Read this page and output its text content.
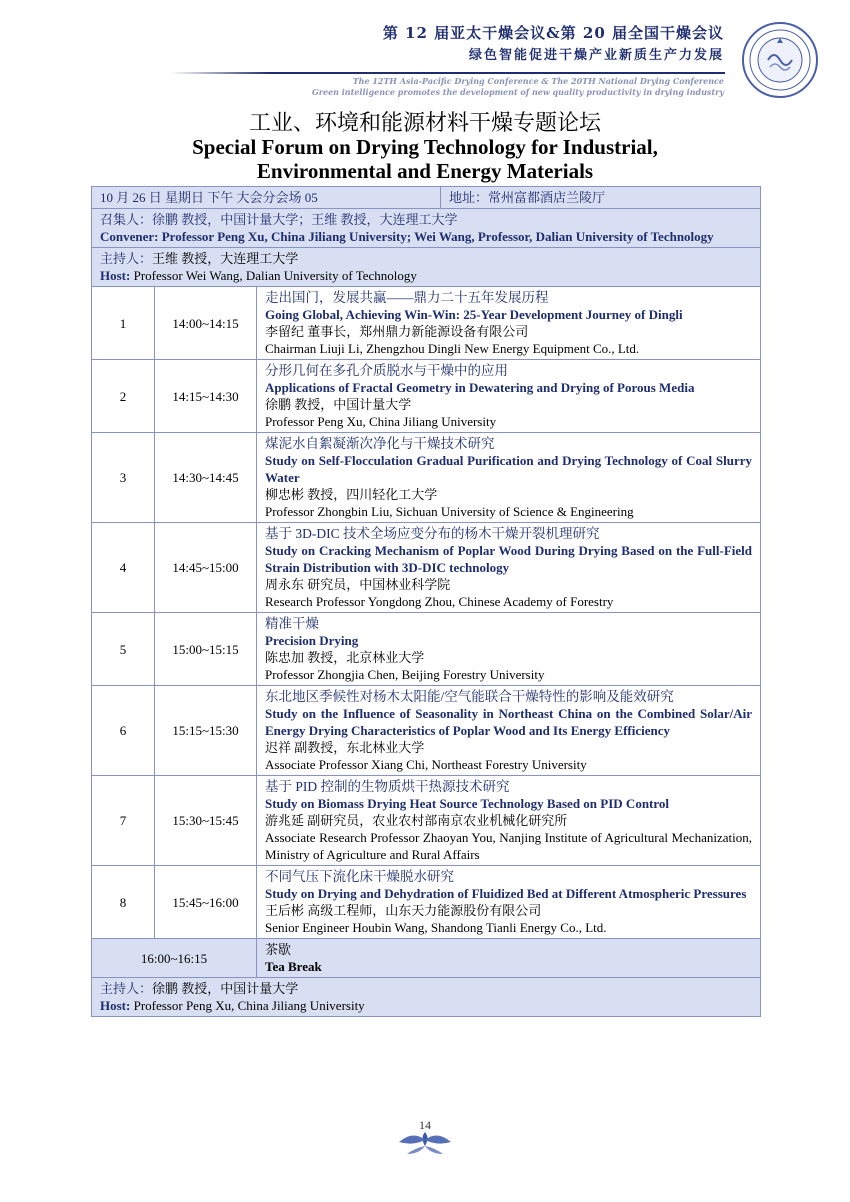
第 12 届亚太干燥会议&第 20 届全国干燥会议
绿色智能促进干燥产业新质生产力发展
The 12TH Asia-Pacific Drying Conference & The 20TH National Drying Conference
Green intelligence promotes the development of new quality productivity in drying industry
工业、环境和能源材料干燥专题论坛
Special Forum on Drying Technology for Industrial,
Environmental and Energy Materials
10 月 26 日 星期日 下午 大会分会场 05			地址：常州富都酒店兰陵厅

召集人：徐鹏 教授，中国计量大学；王维 教授，大连理工大学
Convener: Professor Peng Xu, China Jiliang University; Wei Wang, Professor, Dalian University of Technology			

主持人：王维 教授，大连理工大学
Host: Professor Wei Wang, Dalian University of Technology			

1	14:00~14:15	走出国门，发展共赢——鼎力二十五年发展历程
Going Global, Achieving Win-Win: 25-Year Development Journey of Dingli
李留纪 董事长，郑州鼎力新能源设备有限公司
Chairman Liuji Li, Zhengzhou Dingli New Energy Equipment Co., Ltd.	

2	14:15~14:30	分形几何在多孔介质脱水与干燥中的应用
Applications of Fractal Geometry in Dewatering and Drying of Porous Media
徐鹏 教授，中国计量大学
Professor Peng Xu, China Jiliang University	

3	14:30~14:45	煤泥水自絮凝渐次净化与干燥技术研究
Study on Self-Flocculation Gradual Purification and Drying Technology of Coal Slurry Water
柳忠彬 教授，四川轻化工大学
Professor Zhongbin Liu, Sichuan University of Science & Engineering	

4	14:45~15:00	基于 3D-DIC 技术全场应变分布的杨木干燥开裂机理研究
Study on Cracking Mechanism of Poplar Wood During Drying Based on the Full-Field Strain Distribution with 3D-DIC technology
周永东 研究员，中国林业科学院
Research Professor Yongdong Zhou, Chinese Academy of Forestry	

5	15:00~15:15	精准干燥
Precision Drying
陈忠加 教授，北京林业大学
Professor Zhongjia Chen, Beijing Forestry University	

6	15:15~15:30	东北地区季候性对杨木太阳能/空气能联合干燥特性的影响及能效研究
Study on the Influence of Seasonality in Northeast China on the Combined Solar/Air Energy Drying Characteristics of Poplar Wood and Its Energy Efficiency
迟祥 副教授，东北林业大学
Associate Professor Xiang Chi, Northeast Forestry University	

7	15:30~15:45	基于 PID 控制的生物质烘干热源技术研究
Study on Biomass Drying Heat Source Technology Based on PID Control
游兆延 副研究员，农业农村部南京农业机械化研究所
Associate Research Professor Zhaoyan You, Nanjing Institute of Agricultural Mechanization, Ministry of Agriculture and Rural Affairs	

8	15:45~16:00	不同气压下流化床干燥脱水研究
Study on Drying and Dehydration of Fluidized Bed at Different Atmospheric Pressures
王后彬 高级工程师，山东天力能源股份有限公司
Senior Engineer Houbin Wang, Shandong Tianli Energy Co., Ltd.	

16:00~16:15		茶歇
Tea Break	

主持人：徐鹏 教授，中国计量大学
Host: Professor Peng Xu, China Jiliang University			
14
